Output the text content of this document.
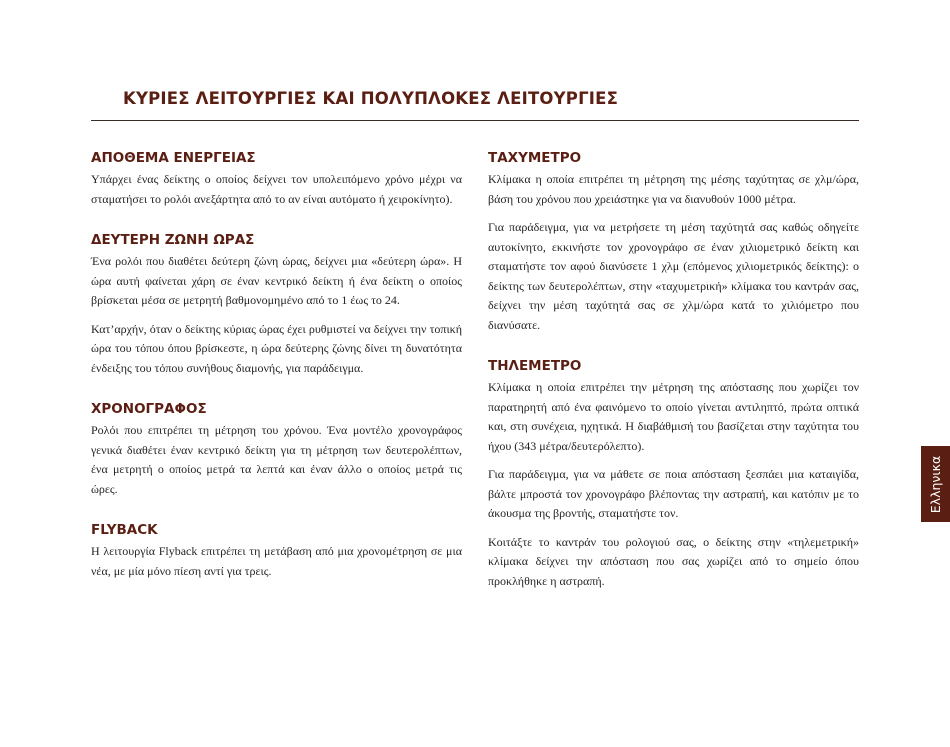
ΚΥΡΙΕΣ ΛΕΙΤΟΥΡΓΙΕΣ ΚΑΙ ΠΟΛΥΠΛΟΚΕΣ ΛΕΙΤΟΥΡΓΙΕΣ
ΑΠΟΘΕΜΑ ΕΝΕΡΓΕΙΑΣ

Υπάρχει ένας δείκτης ο οποίος δείχνει τον υπολειπόμενο χρόνο μέχρι να σταματήσει το ρολόι ανεξάρτητα από το αν είναι αυτόματο ή χειροκίνητο).

ΔΕΥΤΕΡΗ ΖΩΝΗ ΩΡΑΣ

Ένα ρολόι που διαθέτει δεύτερη ζώνη ώρας, δείχνει μια «δεύτερη ώρα». Η ώρα αυτή φαίνεται χάρη σε έναν κεντρικό δείκτη ή ένα δείκτη ο οποίος βρίσκεται μέσα σε μετρητή βαθμονομημένο από το 1 έως το 24.

Κατ’αρχήν, όταν ο δείκτης κύριας ώρας έχει ρυθμιστεί να δείχνει την τοπική ώρα του τόπου όπου βρίσκεστε, η ώρα δεύτερης ζώνης δίνει τη δυνατότητα ένδειξης του τόπου συνήθους διαμονής, για παράδειγμα.

ΧΡΟΝΟΓΡΑΦΟΣ

Ρολόι που επιτρέπει τη μέτρηση του χρόνου. Ένα μοντέλο χρονογράφος γενικά διαθέτει έναν κεντρικό δείκτη για τη μέτρηση των δευτερολέπτων, ένα μετρητή ο οποίος μετρά τα λεπτά και έναν άλλο ο οποίος μετρά τις ώρες.

FLYBACK

Η λειτουργία Flyback επιτρέπει τη μετάβαση από μια χρονομέτρηση σε μια νέα, με μία μόνο πίεση αντί για τρεις.

ΤΑΧΥΜΕΤΡΟ

Κλίμακα η οποία επιτρέπει τη μέτρηση της μέσης ταχύτητας σε χλμ/ώρα, βάση του χρόνου που χρειάστηκε για να διανυθούν 1000 μέτρα.

Για παράδειγμα, για να μετρήσετε τη μέση ταχύτητά σας καθώς οδηγείτε αυτοκίνητο, εκκινήστε τον χρονογράφο σε έναν χιλιομετρικό δείκτη και σταματήστε τον αφού διανύσετε 1 χλμ (επόμενος χιλιομετρικός δείκτης): ο δείκτης των δευτερολέπτων, στην «ταχυμετρική» κλίμακα του καντράν σας, δείχνει την μέση ταχύτητά σας σε χλμ/ώρα κατά το χιλιόμετρο που διανύσατε.

ΤΗΛΕΜΕΤΡΟ

Κλίμακα η οποία επιτρέπει την μέτρηση της απόστασης που χωρίζει τον παρατηρητή από ένα φαινόμενο το οποίο γίνεται αντιληπτό, πρώτα οπτικά και, στη συνέχεια, ηχητικά. Η διαβάθμισή του βασίζεται στην ταχύτητα του ήχου (343 μέτρα/δευτερόλεπτο).

Για παράδειγμα, για να μάθετε σε ποια απόσταση ξεσπάει μια καταιγίδα, βάλτε μπροστά τον χρονογράφο βλέποντας την αστραπή, και κατόπιν με το άκουσμα της βροντής, σταματήστε τον.

Κοιτάξτε το καντράν του ρολογιού σας, ο δείκτης στην «τηλεμετρική» κλίμακα δείχνει την απόσταση που σας χωρίζει από το σημείο όπου προκλήθηκε η αστραπή.

Ελληνικα
